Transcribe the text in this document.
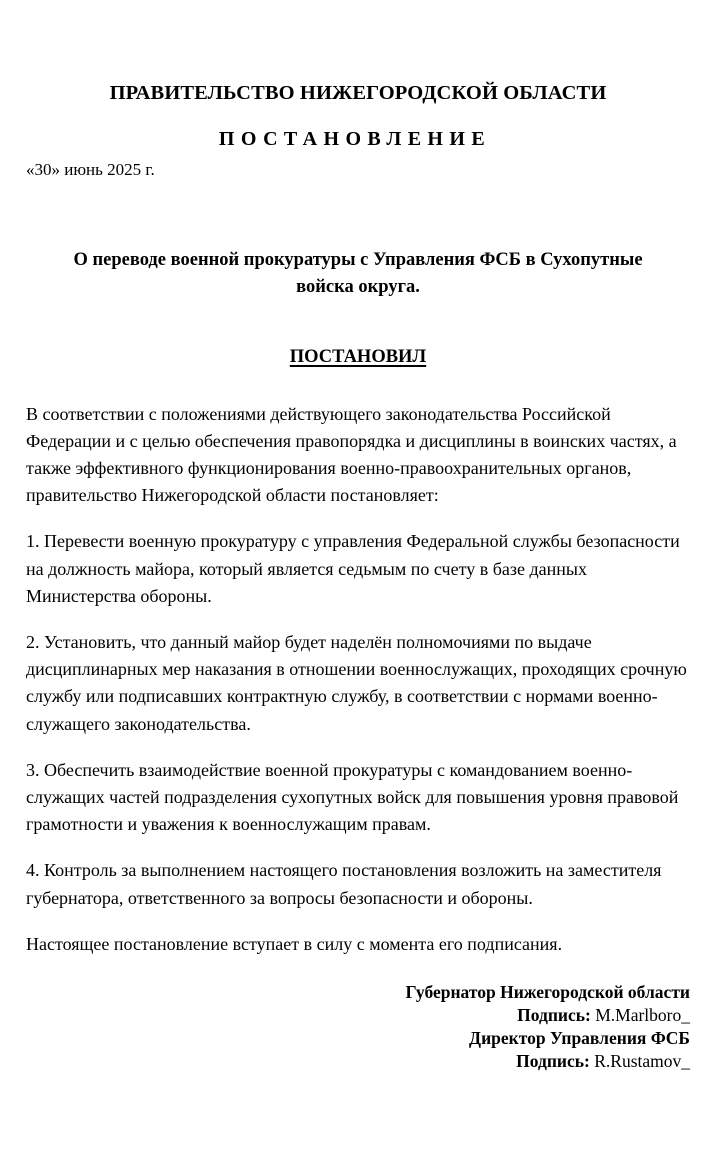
ПРАВИТЕЛЬСТВО НИЖЕГОРОДСКОЙ ОБЛАСТИ
ПОСТАНОВЛЕНИЕ
«30» июнь 2025 г.
О переводе военной прокуратуры с Управления ФСБ в Сухопутные войска округа.
ПОСТАНОВИЛ

В соответствии с положениями действующего законодательства Российской Федерации и с целью обеспечения правопорядка и дисциплины в воинских частях, а также эффективного функционирования военно-правоохранительных органов, правительство Нижегородской области постановляет:

1. Перевести военную прокуратуру с управления Федеральной службы безопасности на должность майора, который является седьмым по счету в базе данных Министерства обороны.

2. Установить, что данный майор будет наделён полномочиями по выдаче дисциплинарных мер наказания в отношении военнослужащих, проходящих срочную службу или подписавших контрактную службу, в соответствии с нормами военно-служащего законодательства.

3. Обеспечить взаимодействие военной прокуратуры с командованием военно-служащих частей подразделения сухопутных войск для повышения уровня правовой грамотности и уважения к военнослужащим правам.

4. Контроль за выполнением настоящего постановления возложить на заместителя губернатора, ответственного за вопросы безопасности и обороны.

Настоящее постановление вступает в силу с момента его подписания.

Губернатор Нижегородской области

Подпись: M.Marlboro_

Директор Управления ФСБ

Подпись: R.Rustamov_
